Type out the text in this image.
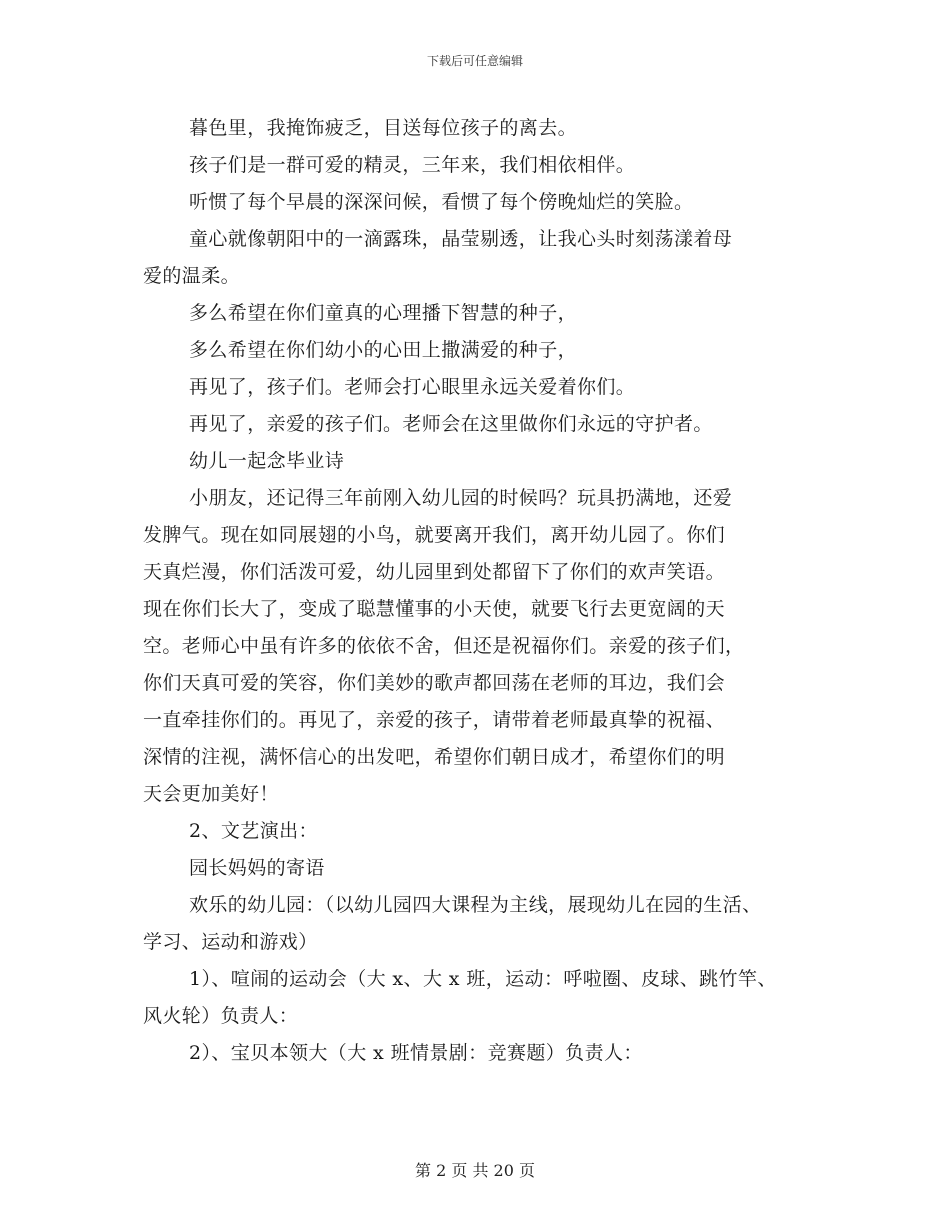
下载后可任意编辑
暮色里，我掩饰疲乏，目送每位孩子的离去。
孩子们是一群可爱的精灵，三年来，我们相依相伴。
听惯了每个早晨的深深问候，看惯了每个傍晚灿烂的笑脸。
童心就像朝阳中的一滴露珠，晶莹剔透，让我心头时刻荡漾着母
爱的温柔。
多么希望在你们童真的心理播下智慧的种子，
多么希望在你们幼小的心田上撒满爱的种子，
再见了，孩子们。老师会打心眼里永远关爱着你们。
再见了，亲爱的孩子们。老师会在这里做你们永远的守护者。
幼儿一起念毕业诗
小朋友，还记得三年前刚入幼儿园的时候吗？玩具扔满地，还爱
发脾气。现在如同展翅的小鸟，就要离开我们，离开幼儿园了。你们
天真烂漫，你们活泼可爱，幼儿园里到处都留下了你们的欢声笑语。
现在你们长大了，变成了聪慧懂事的小天使，就要飞行去更宽阔的天
空。老师心中虽有许多的依依不舍，但还是祝福你们。亲爱的孩子们，
你们天真可爱的笑容，你们美妙的歌声都回荡在老师的耳边，我们会
一直牵挂你们的。再见了，亲爱的孩子，请带着老师最真挚的祝福、
深情的注视，满怀信心的出发吧，希望你们朝日成才，希望你们的明
天会更加美好！
2、文艺演出：
园长妈妈的寄语
欢乐的幼儿园：（以幼儿园四大课程为主线，展现幼儿在园的生活、
学习、运动和游戏）
1）、喧闹的运动会（大 x、大 x 班，运动：呼啦圈、皮球、跳竹竿、
风火轮）负责人：
2）、宝贝本领大（大 x 班情景剧：竞赛题）负责人：
第 2 页 共 20 页
